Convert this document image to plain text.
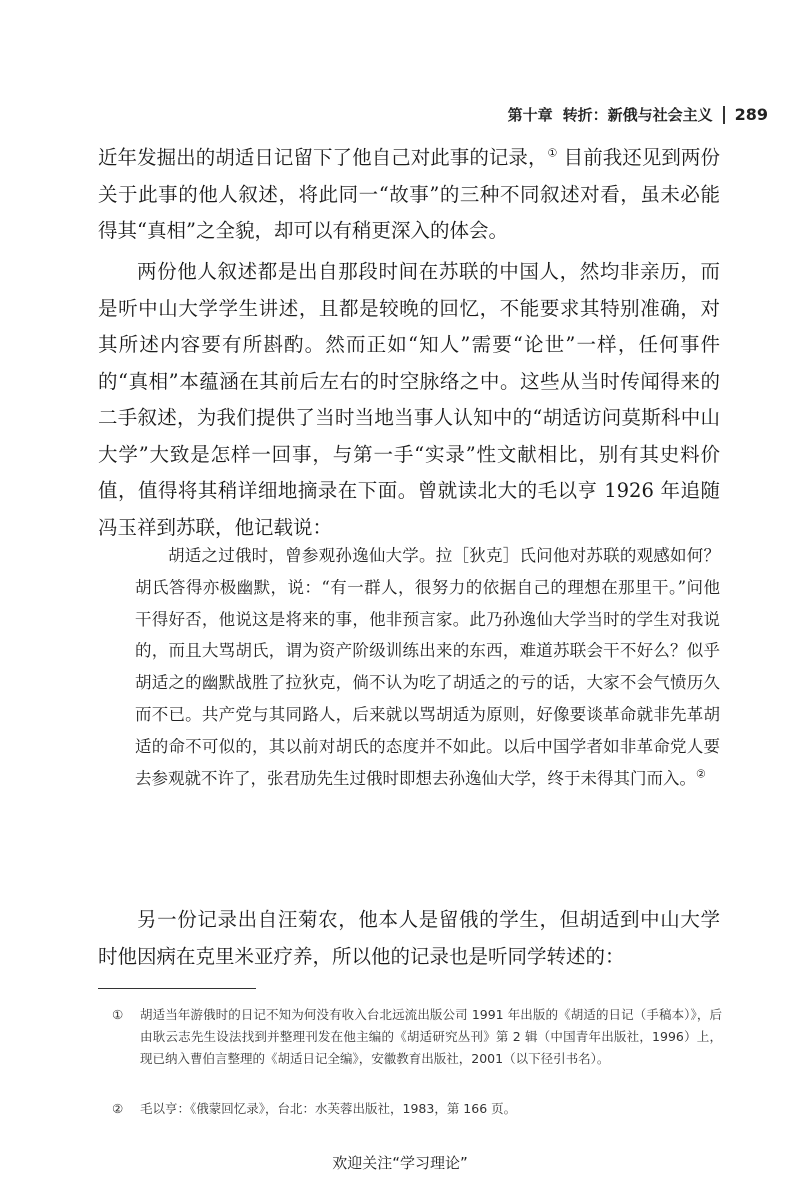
第十章 转折：新俄与社会主义 289

近年发掘出的胡适日记留下了他自己对此事的记录，① 目前我还见到两份关于此事的他人叙述，将此同一“故事”的三种不同叙述对看，虽未必能得其“真相”之全貌，却可以有稍更深入的体会。

两份他人叙述都是出自那段时间在苏联的中国人，然均非亲历，而是听中山大学学生讲述，且都是较晚的回忆，不能要求其特别准确，对其所述内容要有所斟酌。然而正如“知人”需要“论世”一样，任何事件的“真相”本蕴涵在其前后左右的时空脉络之中。这些从当时传闻得来的二手叙述，为我们提供了当时当地当事人认知中的“胡适访问莫斯科中山大学”大致是怎样一回事，与第一手“实录”性文献相比，别有其史料价值，值得将其稍详细地摘录在下面。曾就读北大的毛以亨 1926 年追随冯玉祥到苏联，他记载说：

胡适之过俄时，曾参观孙逸仙大学。拉［狄克］氏问他对苏联的观感如何？胡氏答得亦极幽默，说：“有一群人，很努力的依据自己的理想在那里干。”问他干得好否，他说这是将来的事，他非预言家。此乃孙逸仙大学当时的学生对我说的，而且大骂胡氏，谓为资产阶级训练出来的东西，难道苏联会干不好么？似乎胡适之的幽默战胜了拉狄克，倘不认为吃了胡适之的亏的话，大家不会气愤历久而不已。共产党与其同路人，后来就以骂胡适为原则，好像要谈革命就非先革胡适的命不可似的，其以前对胡氏的态度并不如此。以后中国学者如非革命党人要去参观就不许了，张君劢先生过俄时即想去孙逸仙大学，终于未得其门而入。②

另一份记录出自汪菊农，他本人是留俄的学生，但胡适到中山大学时他因病在克里米亚疗养，所以他的记录也是听同学转述的：

①	胡适当年游俄时的日记不知为何没有收入台北远流出版公司 1991 年出版的《胡适的日记（手稿本）》，后由耿云志先生设法找到并整理刊发在他主编的《胡适研究丛刊》第 2 辑（中国青年出版社，1996）上，现已纳入曹伯言整理的《胡适日记全编》，安徽教育出版社，2001（以下径引书名）。
②	毛以亨：《俄蒙回忆录》，台北：水芙蓉出版社，1983，第 166 页。
欢迎关注“学习理论”
